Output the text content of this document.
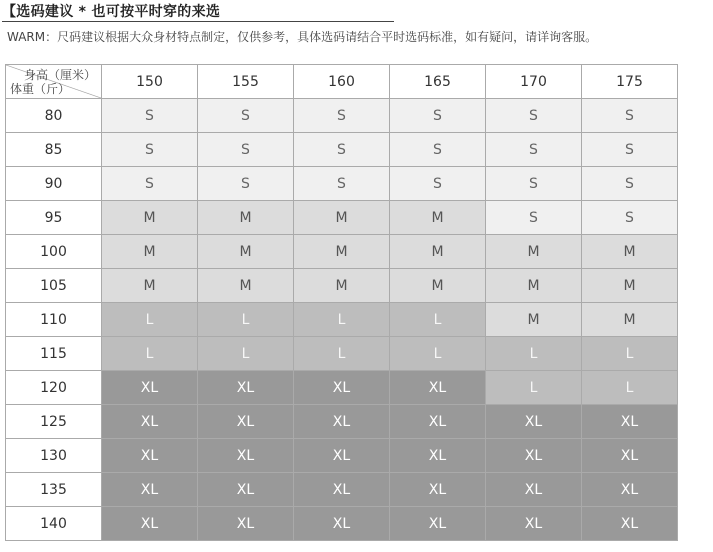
【选码建议 * 也可按平时穿的来选
WARM：尺码建议根据大众身材特点制定，仅供参考，具体选码请结合平时选码标准，如有疑问，请详询客服。
身高（厘米）
体重（斤）	150	155	160	165	170	175
80	S	S	S	S	S	S
85	S	S	S	S	S	S
90	S	S	S	S	S	S
95	M	M	M	M	S	S
100	M	M	M	M	M	M
105	M	M	M	M	M	M
110	L	L	L	L	M	M
115	L	L	L	L	L	L
120	XL	XL	XL	XL	L	L
125	XL	XL	XL	XL	XL	XL
130	XL	XL	XL	XL	XL	XL
135	XL	XL	XL	XL	XL	XL
140	XL	XL	XL	XL	XL	XL
